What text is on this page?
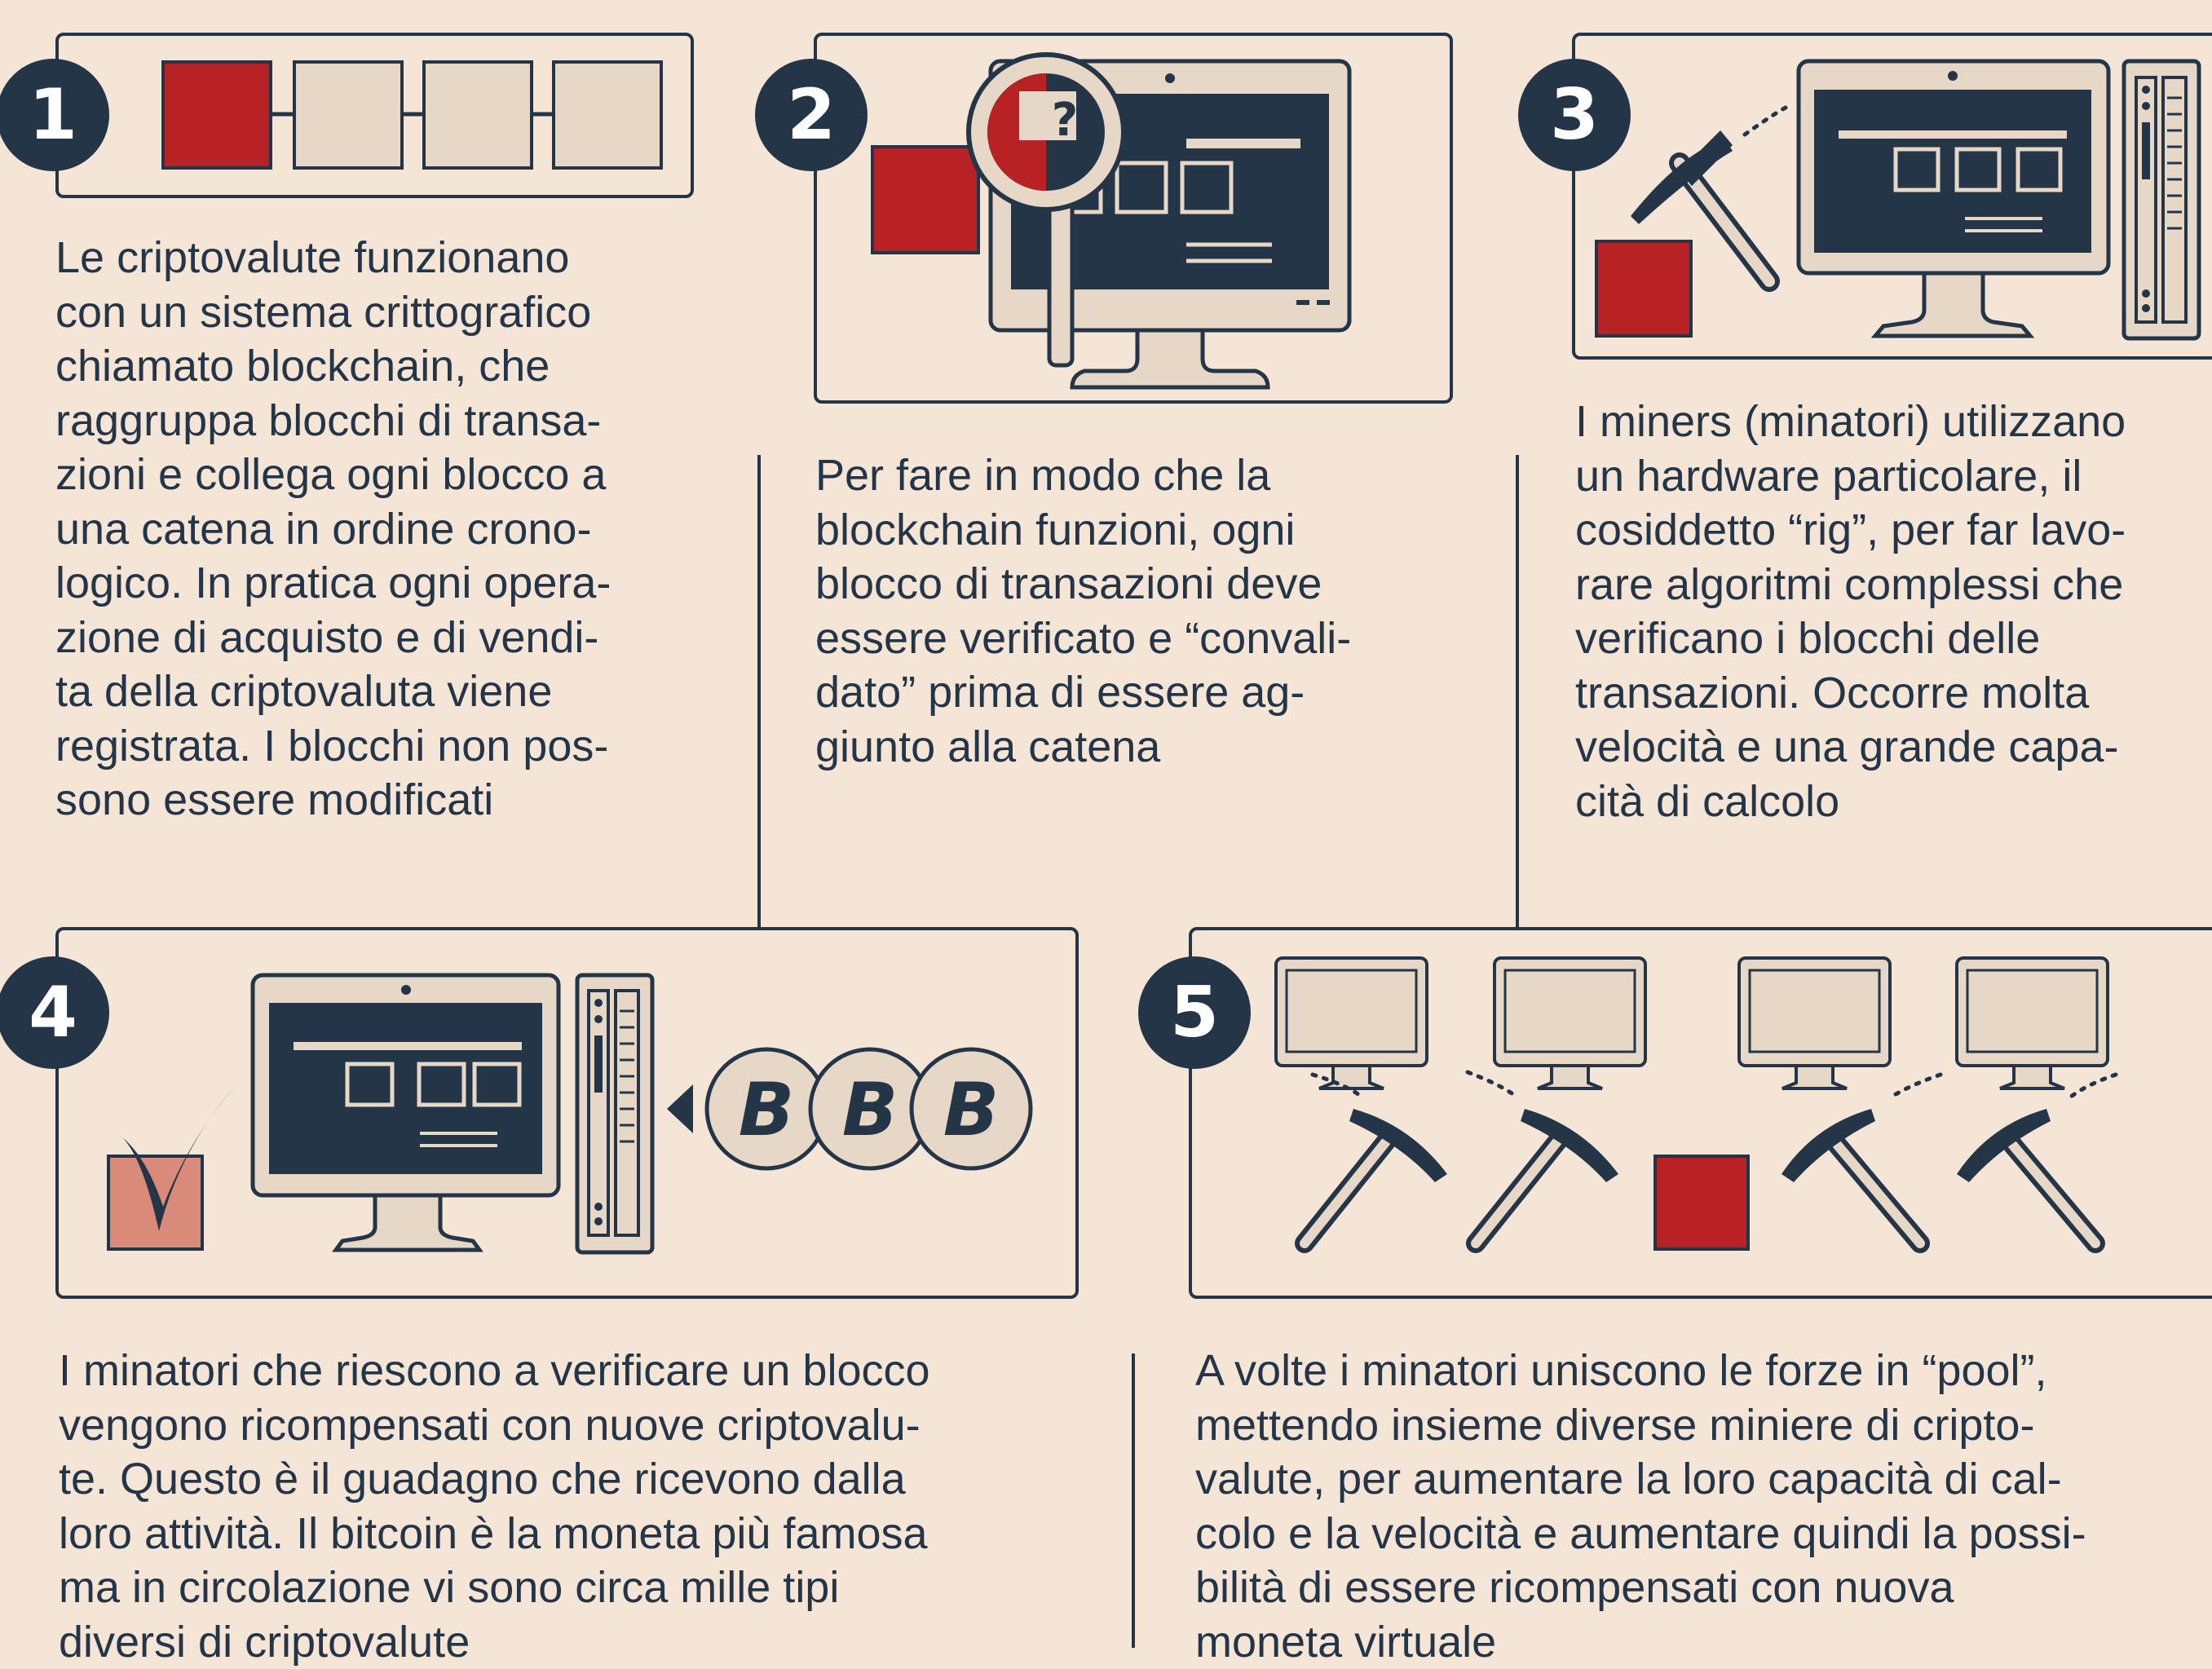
1
Le criptovalute funzionano
con un sistema crittografico
chiamato blockchain, che
raggruppa blocchi di transa-
zioni e collega ogni blocco a
una catena in ordine crono-
logico. In pratica ogni opera-
zione di acquisto e di vendi-
ta della criptovaluta viene
registrata. I blocchi non pos-
sono essere modificati
2	?
Per fare in modo che la
blockchain funzioni, ogni
blocco di transazioni deve
essere verificato e “convali-
dato” prima di essere ag-
giunto alla catena
3
I miners (minatori) utilizzano
un hardware particolare, il
cosiddetto “rig”, per far lavo-
rare algoritmi complessi che
verificano i blocchi delle
transazioni. Occorre molta
velocità e una grande capa-
cità di calcolo
4
B B B
I minatori che riescono a verificare un blocco
vengono ricompensati con nuove criptovalu-
te. Questo è il guadagno che ricevono dalla
loro attività. Il bitcoin è la moneta più famosa
ma in circolazione vi sono circa mille tipi
diversi di criptovalute
5
A volte i minatori uniscono le forze in “pool”,
mettendo insieme diverse miniere di cripto-
valute, per aumentare la loro capacità di cal-
colo e la velocità e aumentare quindi la possi-
bilità di essere ricompensati con nuova
moneta virtuale
